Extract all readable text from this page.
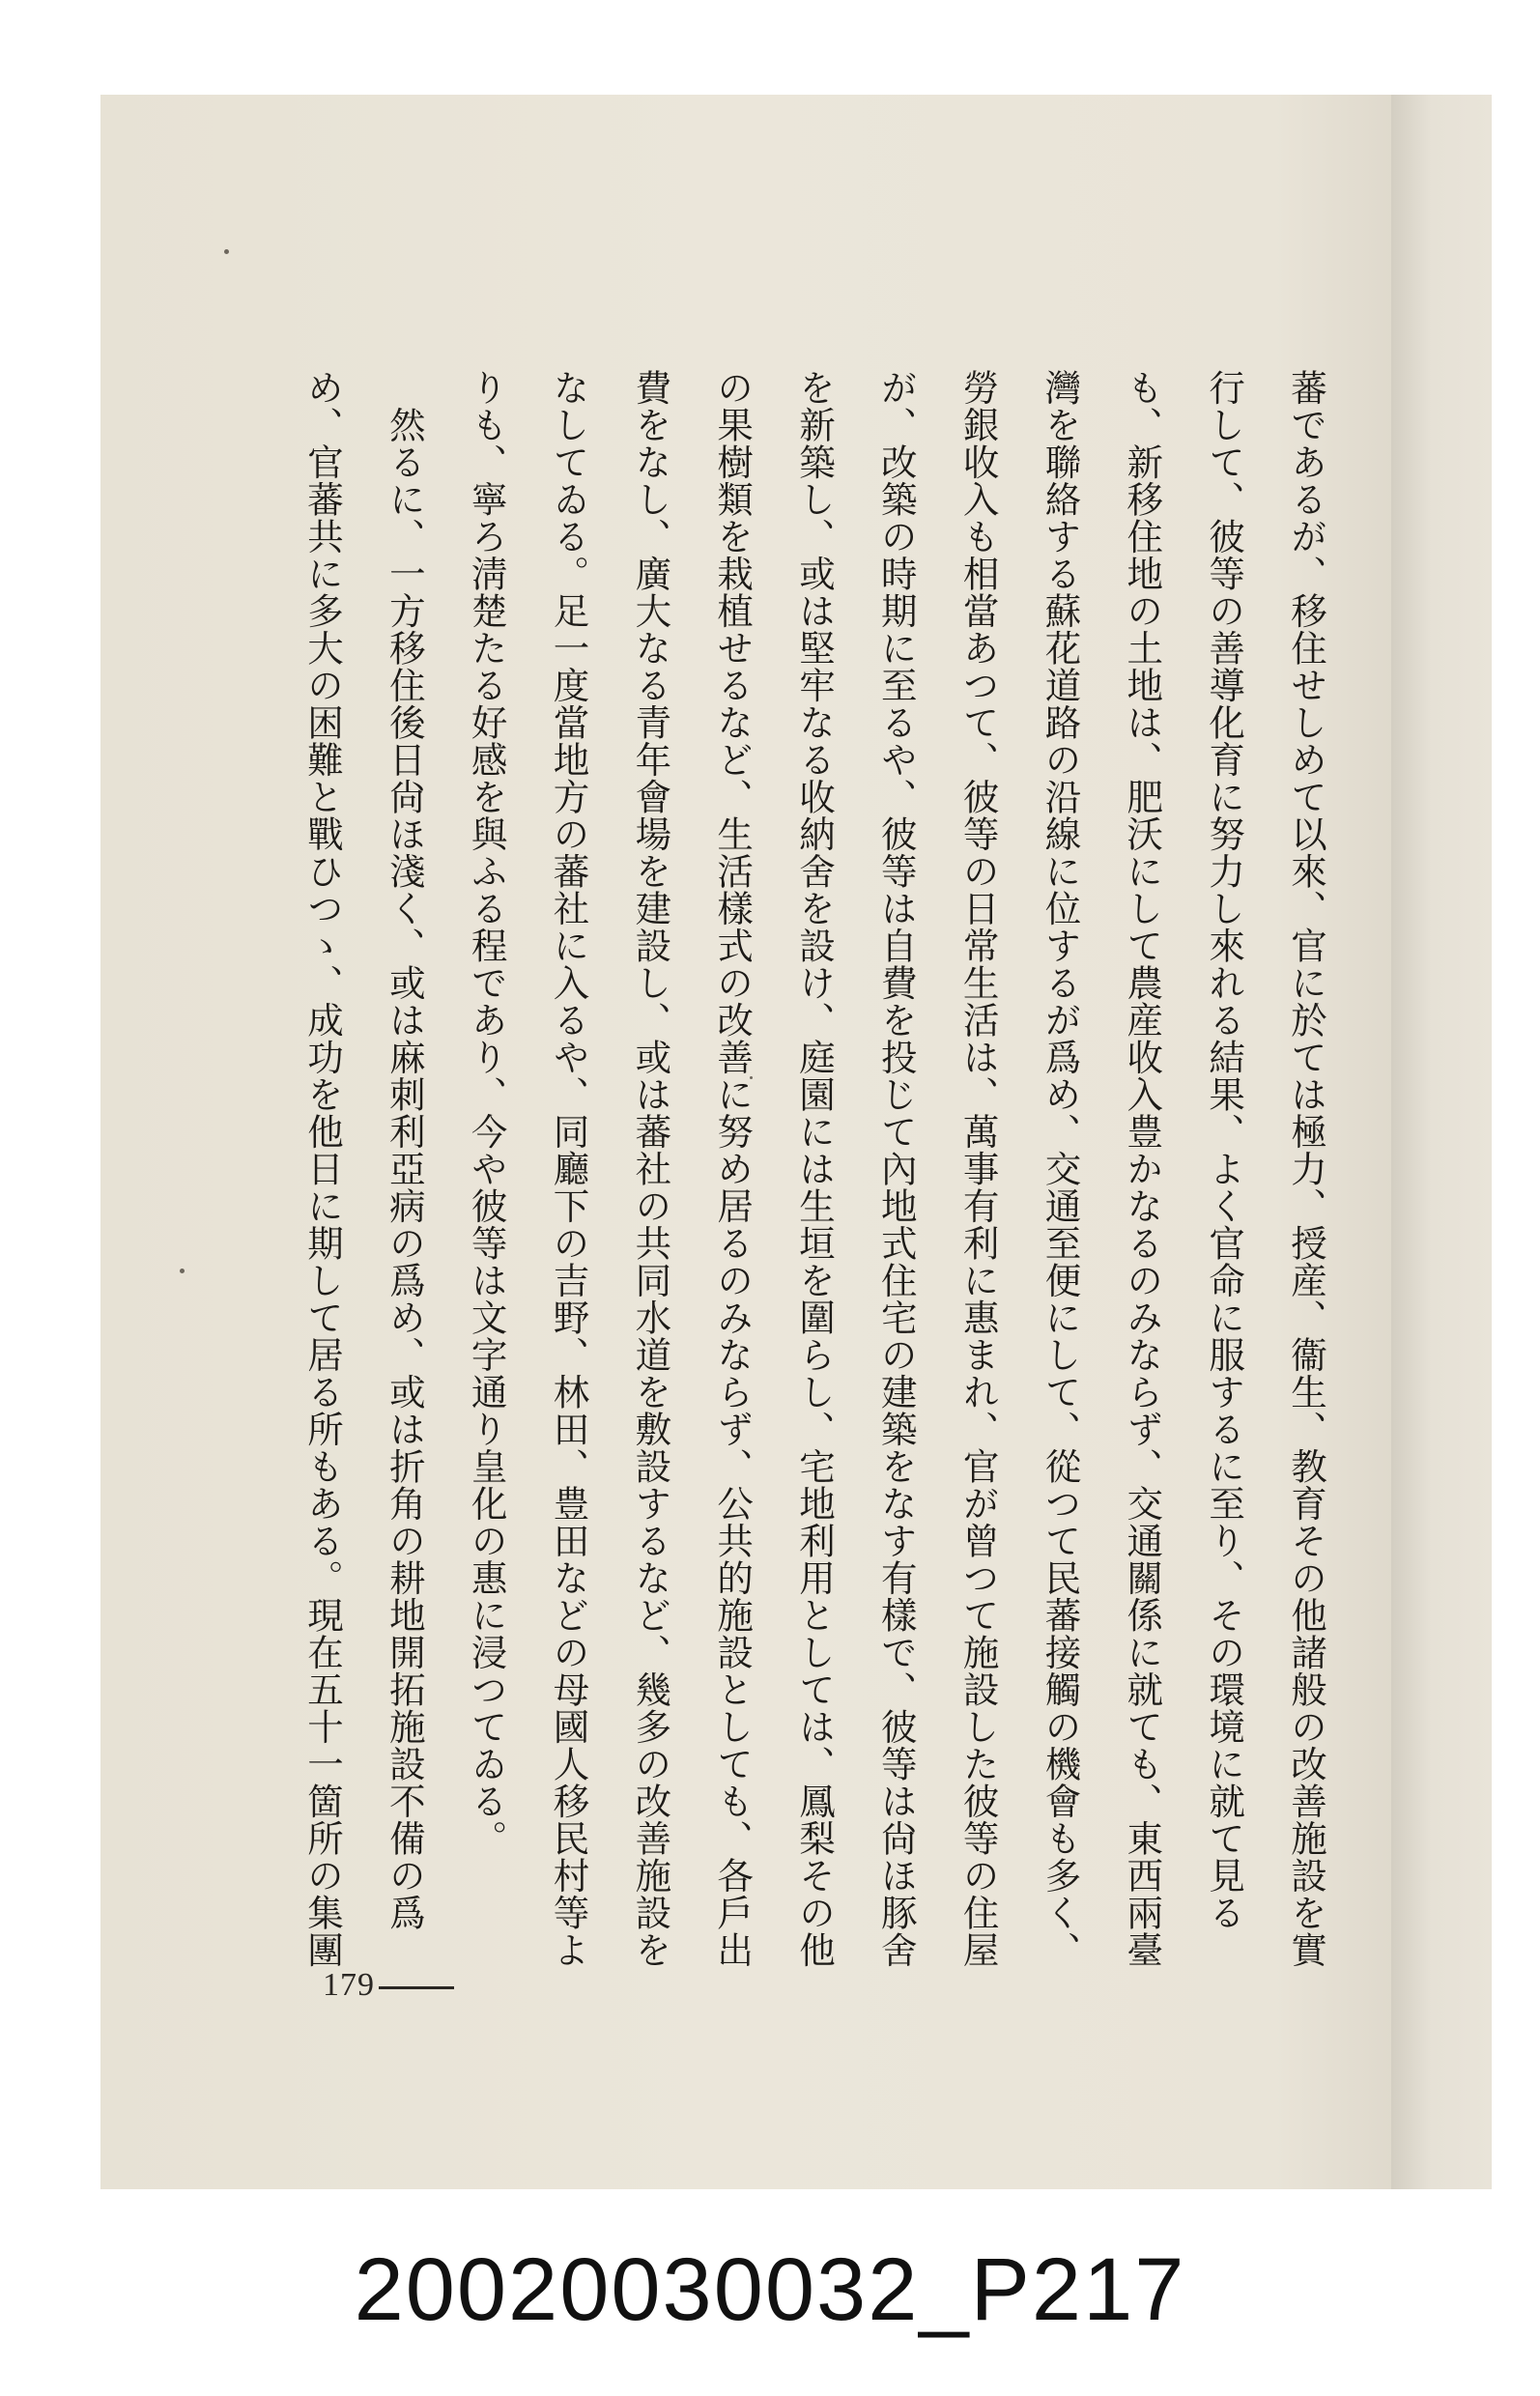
蕃であるが、移住せしめて以來、官に於ては極力、授産、衞生、教育その他諸般の改善施設を實
行して、彼等の善導化育に努力し來れる結果、よく官命に服するに至り、その環境に就て見る
も、新移住地の土地は、肥沃にして農産收入豊かなるのみならず、交通關係に就ても、東西兩臺
灣を聯絡する蘇花道路の沿線に位するが爲め、交通至便にして、從つて民蕃接觸の機會も多く、
勞銀收入も相當あつて、彼等の日常生活は、萬事有利に惠まれ、官が曾つて施設した彼等の住屋
が、改築の時期に至るや、彼等は自費を投じて內地式住宅の建築をなす有樣で、彼等は尙ほ豚舍
を新築し、或は堅牢なる收納舍を設け、庭園には生垣を圍らし、宅地利用としては、鳳梨その他
の果樹類を栽植せるなど、生活樣式の改善に努め居るのみならず、公共的施設としても、各戶出
費をなし、廣大なる青年會場を建設し、或は蕃社の共同水道を敷設するなど、幾多の改善施設を
なしてゐる。足一度當地方の蕃社に入るや、同廳下の吉野、林田、豊田などの母國人移民村等よ
りも、寧ろ淸楚たる好感を與ふる程であり、今や彼等は文字通り皇化の惠に浸つてゐる。
　然るに、一方移住後日尙ほ淺く、或は麻刺利亞病の爲め、或は折角の耕地開拓施設不備の爲
め、官蕃共に多大の困難と戰ひつゝ、成功を他日に期して居る所もある。現在五十一箇所の集團
179
20020030032_P217
